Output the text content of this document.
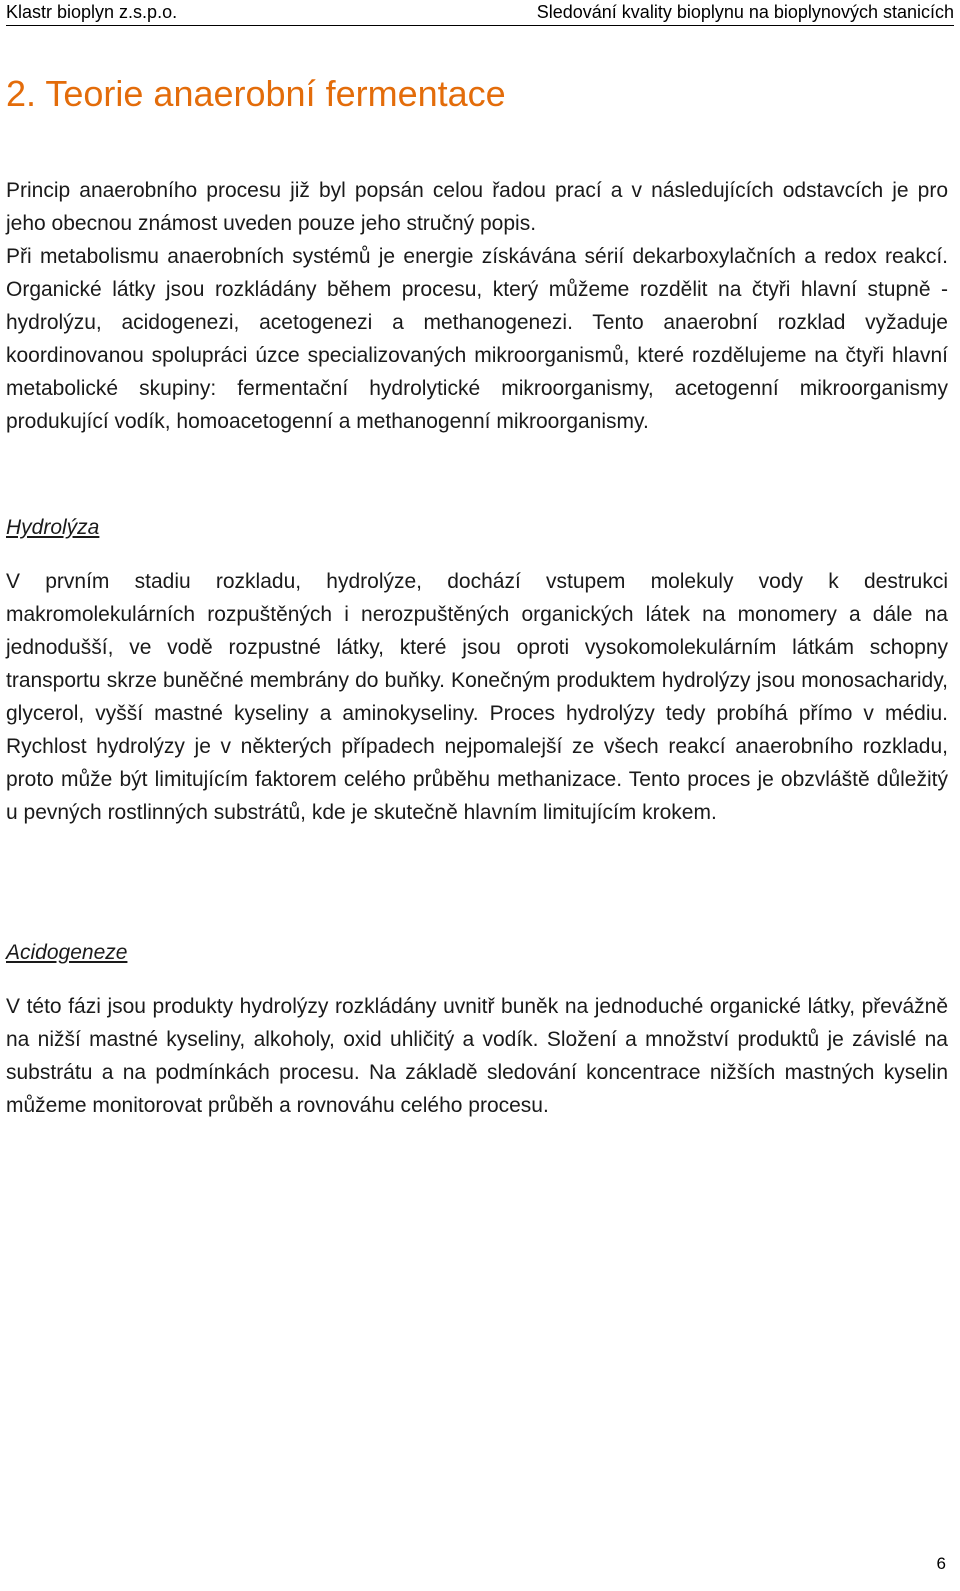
Klastr bioplyn z.s.p.o.	Sledování kvality bioplynu na bioplynových stanicích
2. Teorie anaerobní fermentace

Princip anaerobního procesu již byl popsán celou řadou prací a v následujících odstavcích je pro jeho obecnou známost uveden pouze jeho stručný popis.

Při metabolismu anaerobních systémů je energie získávána sérií dekarboxylačních a redox reakcí. Organické látky jsou rozkládány během procesu, který můžeme rozdělit na čtyři hlavní stupně - hydrolýzu, acidogenezi, acetogenezi a methanogenezi. Tento anaerobní rozklad vyžaduje koordinovanou spolupráci úzce specializovaných mikroorganismů, které rozdělujeme na čtyři hlavní metabolické skupiny: fermentační hydrolytické mikroorganismy, acetogenní mikroorganismy produkující vodík, homoacetogenní a methanogenní mikroorganismy.

Hydrolýza

V prvním stadiu rozkladu, hydrolýze, dochází vstupem molekuly vody k destrukci makromolekulárních rozpuštěných i nerozpuštěných organických látek na monomery a dále na jednodušší, ve vodě rozpustné látky, které jsou oproti vysokomolekulárním látkám schopny transportu skrze buněčné membrány do buňky. Konečným produktem hydrolýzy jsou monosacharidy, glycerol, vyšší mastné kyseliny a aminokyseliny. Proces hydrolýzy tedy probíhá přímo v médiu. Rychlost hydrolýzy je v některých případech nejpomalejší ze všech reakcí anaerobního rozkladu, proto může být limitujícím faktorem celého průběhu methanizace. Tento proces je obzvláště důležitý u pevných rostlinných substrátů, kde je skutečně hlavním limitujícím krokem.

Acidogeneze

V této fázi jsou produkty hydrolýzy rozkládány uvnitř buněk na jednoduché organické látky, převážně na nižší mastné kyseliny, alkoholy, oxid uhličitý a vodík. Složení a množství produktů je závislé na substrátu a na podmínkách procesu. Na základě sledování koncentrace nižších mastných kyselin můžeme monitorovat průběh a rovnováhu celého procesu.

6
